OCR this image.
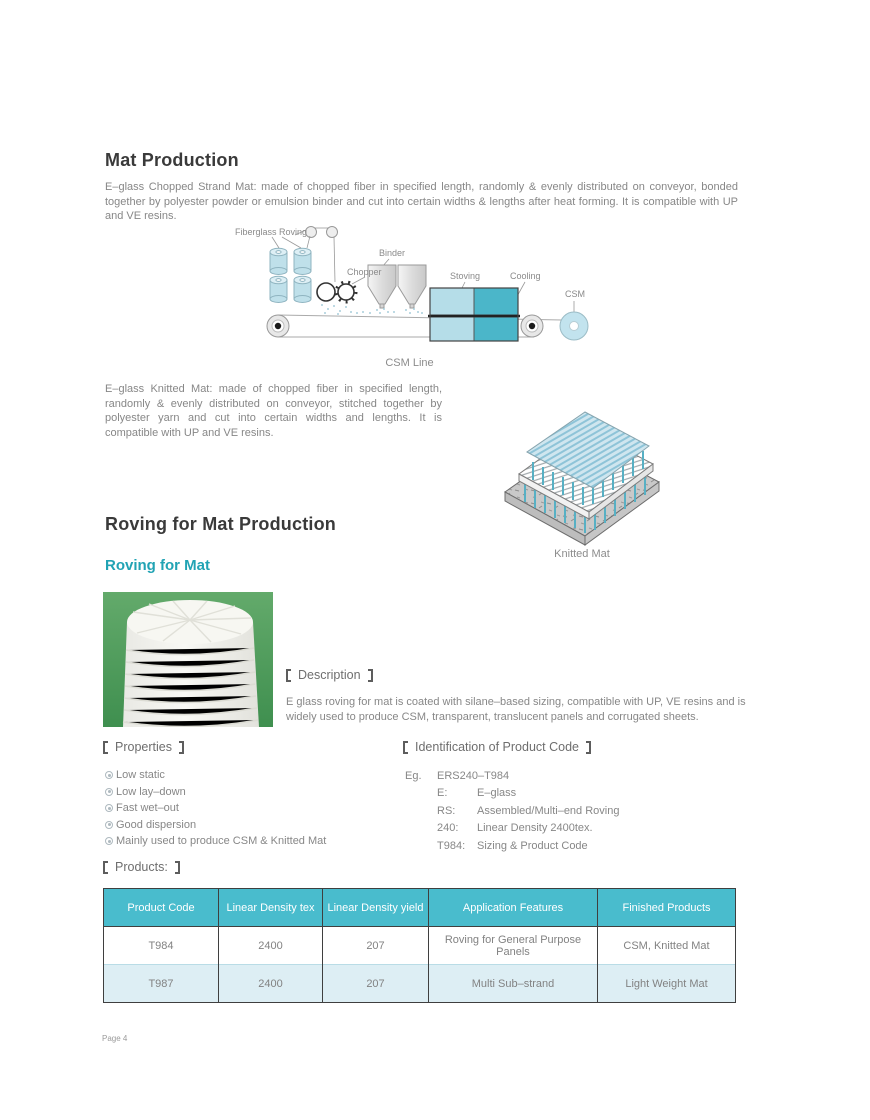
Mat Production
E–glass Chopped Strand Mat: made of chopped fiber in specified length, randomly & evenly distributed on conveyor, bonded together by polyester powder or emulsion binder and cut into certain widths & lengths after heat forming. It is compatible with UP and VE resins.
Fiberglass Roving
Chopper
Binder
Stoving	Cooling
CSM
CSM Line
E–glass Knitted Mat: made of chopped fiber in specified length, randomly & evenly distributed on conveyor, stitched together by polyester yarn and cut into certain widths and lengths. It is compatible with UP and VE resins.
Knitted Mat
Roving for Mat Production
Roving for Mat
Description
E glass roving for mat is coated with silane–based sizing, compatible with UP, VE resins and is widely used to produce CSM, transparent, translucent panels and corrugated sheets.
Properties
Low static
Low lay–down
Fast wet–out
Good dispersion
Mainly used to produce CSM & Knitted Mat
Identification of Product Code
Eg.	ERS240–T984
E:	E–glass
RS:	Assembled/Multi–end Roving
240:	Linear Density 2400tex.
T984:	Sizing & Product Code
Products:
Product Code	Linear Density tex	Linear Density yield	Application Features	Finished Products
T984	2400	207	Roving for General Purpose Panels	CSM, Knitted Mat
T987	2400	207	Multi Sub–strand	Light Weight Mat
Page 4
